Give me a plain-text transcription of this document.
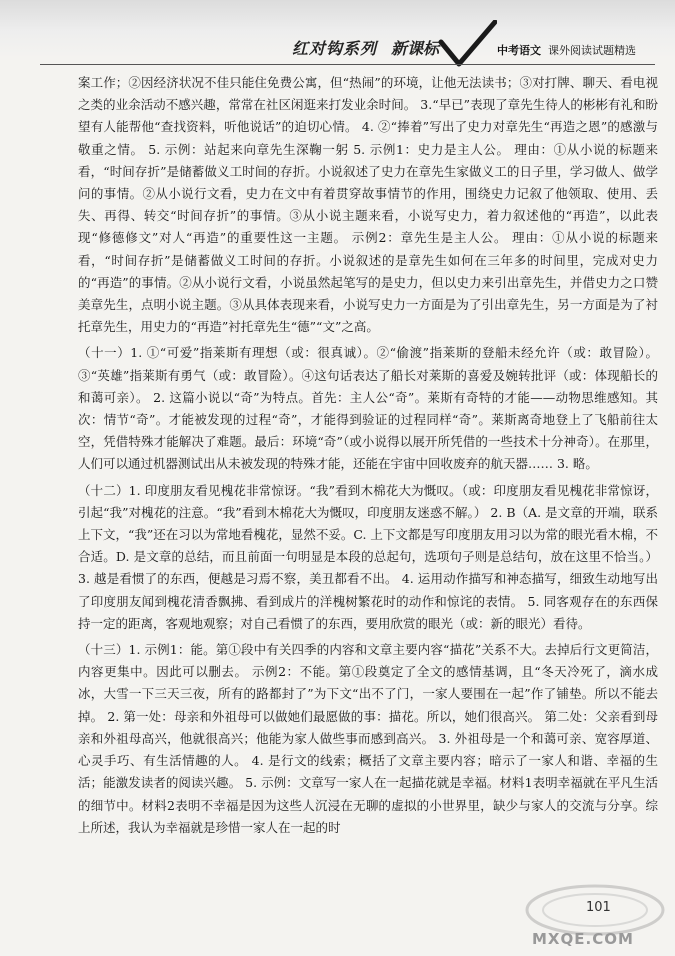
红对钩系列 新课标	中考语文 课外阅读试题精选

案工作；②因经济状况不佳只能住免费公寓，但“热闹”的环境，让他无法读书；③对打牌、聊天、看电视之类的业余活动不感兴趣，常常在社区闲逛来打发业余时间。 3.“早已”表现了章先生待人的彬彬有礼和盼望有人能帮他“查找资料，听他说话”的迫切心情。 4. ②“捧着”写出了史力对章先生“再造之恩”的感激与敬重之情。 5. 示例：站起来向章先生深鞠一躬 5. 示例1：史力是主人公。 理由：①从小说的标题来看，“时间存折”是储蓄做义工时间的存折。小说叙述了史力在章先生家做义工的日子里，学习做人、做学问的事情。②从小说行文看，史力在文中有着贯穿故事情节的作用，围绕史力记叙了他领取、使用、丢失、再得、转交“时间存折”的事情。③从小说主题来看，小说写史力，着力叙述他的“再造”，以此表现“修德修文”对人“再造”的重要性这一主题。 示例2：章先生是主人公。 理由：①从小说的标题来看，“时间存折”是储蓄做义工时间的存折。小说叙述的是章先生如何在三年多的时间里，完成对史力的“再造”的事情。②从小说行文看，小说虽然起笔写的是史力，但以史力来引出章先生，并借史力之口赞美章先生，点明小说主题。③从具体表现来看，小说写史力一方面是为了引出章先生，另一方面是为了衬托章先生，用史力的“再造”衬托章先生“德”“文”之高。

（十一）1. ①“可爱”指莱斯有理想（或：很真诚）。②“偷渡”指莱斯的登船未经允许（或：敢冒险）。③“英雄”指莱斯有勇气（或：敢冒险）。④这句话表达了船长对莱斯的喜爱及婉转批评（或：体现船长的和蔼可亲）。 2. 这篇小说以“奇”为特点。首先：主人公“奇”。莱斯有奇特的才能——动物思维感知。其次：情节“奇”。才能被发现的过程“奇”，才能得到验证的过程同样“奇”。莱斯离奇地登上了飞船前往太空，凭借特殊才能解决了难题。最后：环境“奇”（或小说得以展开所凭借的一些技术十分神奇）。在那里，人们可以通过机器测试出从未被发现的特殊才能，还能在宇宙中回收废弃的航天器…… 3. 略。

（十二）1. 印度朋友看见槐花非常惊讶。“我”看到木棉花大为慨叹。（或：印度朋友看见槐花非常惊讶，引起“我”对槐花的注意。“我”看到木棉花大为慨叹，印度朋友迷惑不解。） 2. B（A. 是文章的开端，联系上下文，“我”还在习以为常地看槐花，显然不妥。C. 上下文都是写印度朋友用习以为常的眼光看木棉，不合适。D. 是文章的总结，而且前面一句明显是本段的总起句，选项句子则是总结句，放在这里不恰当。） 3. 越是看惯了的东西，便越是习焉不察，美丑都看不出。 4. 运用动作描写和神态描写，细致生动地写出了印度朋友闻到槐花清香飘拂、看到成片的洋槐树繁花时的动作和惊诧的表情。 5. 同客观存在的东西保持一定的距离，客观地观察；对自己看惯了的东西，要用欣赏的眼光（或：新的眼光）看待。

（十三）1. 示例1：能。第①段中有关四季的内容和文章主要内容“描花”关系不大。去掉后行文更简洁，内容更集中。因此可以删去。 示例2：不能。第①段奠定了全文的感情基调，且“冬天冷死了，滴水成冰，大雪一下三天三夜，所有的路都封了”为下文“出不了门，一家人要围在一起”作了铺垫。所以不能去掉。 2. 第一处：母亲和外祖母可以做她们最愿做的事：描花。所以，她们很高兴。 第二处：父亲看到母亲和外祖母高兴，他就很高兴；他能为家人做些事而感到高兴。 3. 外祖母是一个和蔼可亲、宽容厚道、心灵手巧、有生活情趣的人。 4. 是行文的线索；概括了文章主要内容；暗示了一家人和谐、幸福的生活；能激发读者的阅读兴趣。 5. 示例：文章写一家人在一起描花就是幸福。材料1表明幸福就在平凡生活的细节中。材料2表明不幸福是因为这些人沉浸在无聊的虚拟的小世界里，缺少与家人的交流与分享。综上所述，我认为幸福就是珍惜一家人在一起的时

101
MXQE.COM
